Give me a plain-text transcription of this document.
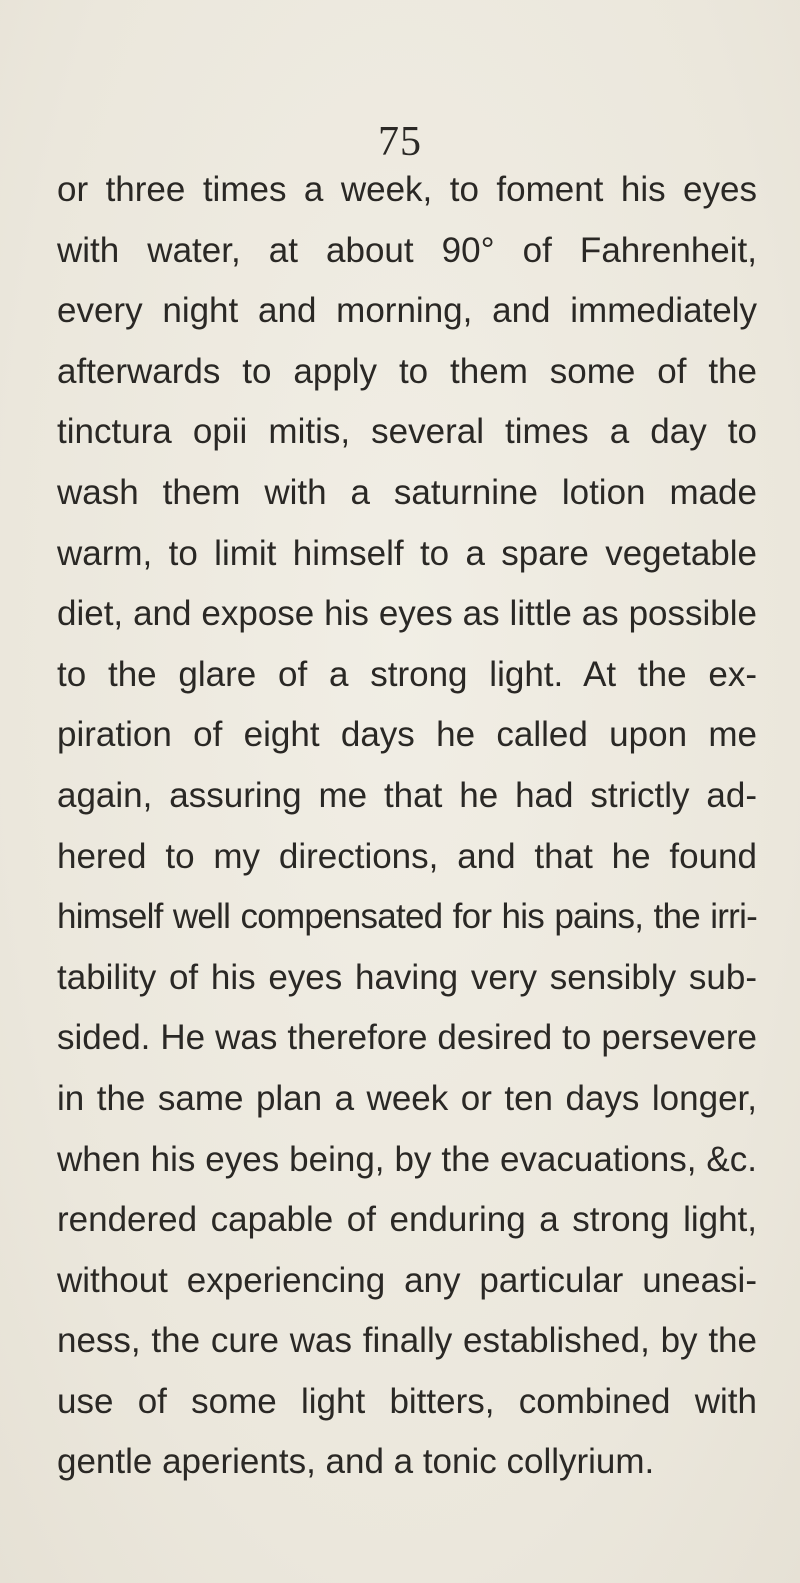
75
or three times a week, to foment his eyes
with water, at about 90° of Fahrenheit,
every night and morning, and immediately
afterwards to apply to them some of the
tinctura opii mitis, several times a day to
wash them with a saturnine lotion made
warm, to limit himself to a spare vegetable
diet, and expose his eyes as little as possible
to the glare of a strong light. At the ex-
piration of eight days he called upon me
again, assuring me that he had strictly ad-
hered to my directions, and that he found
himself well compensated for his pains, the irri-
tability of his eyes having very sensibly sub-
sided. He was therefore desired to persevere
in the same plan a week or ten days longer,
when his eyes being, by the evacuations, &c.
rendered capable of enduring a strong light,
without experiencing any particular uneasi-
ness, the cure was finally established, by the
use of some light bitters, combined with
gentle aperients, and a tonic collyrium.
